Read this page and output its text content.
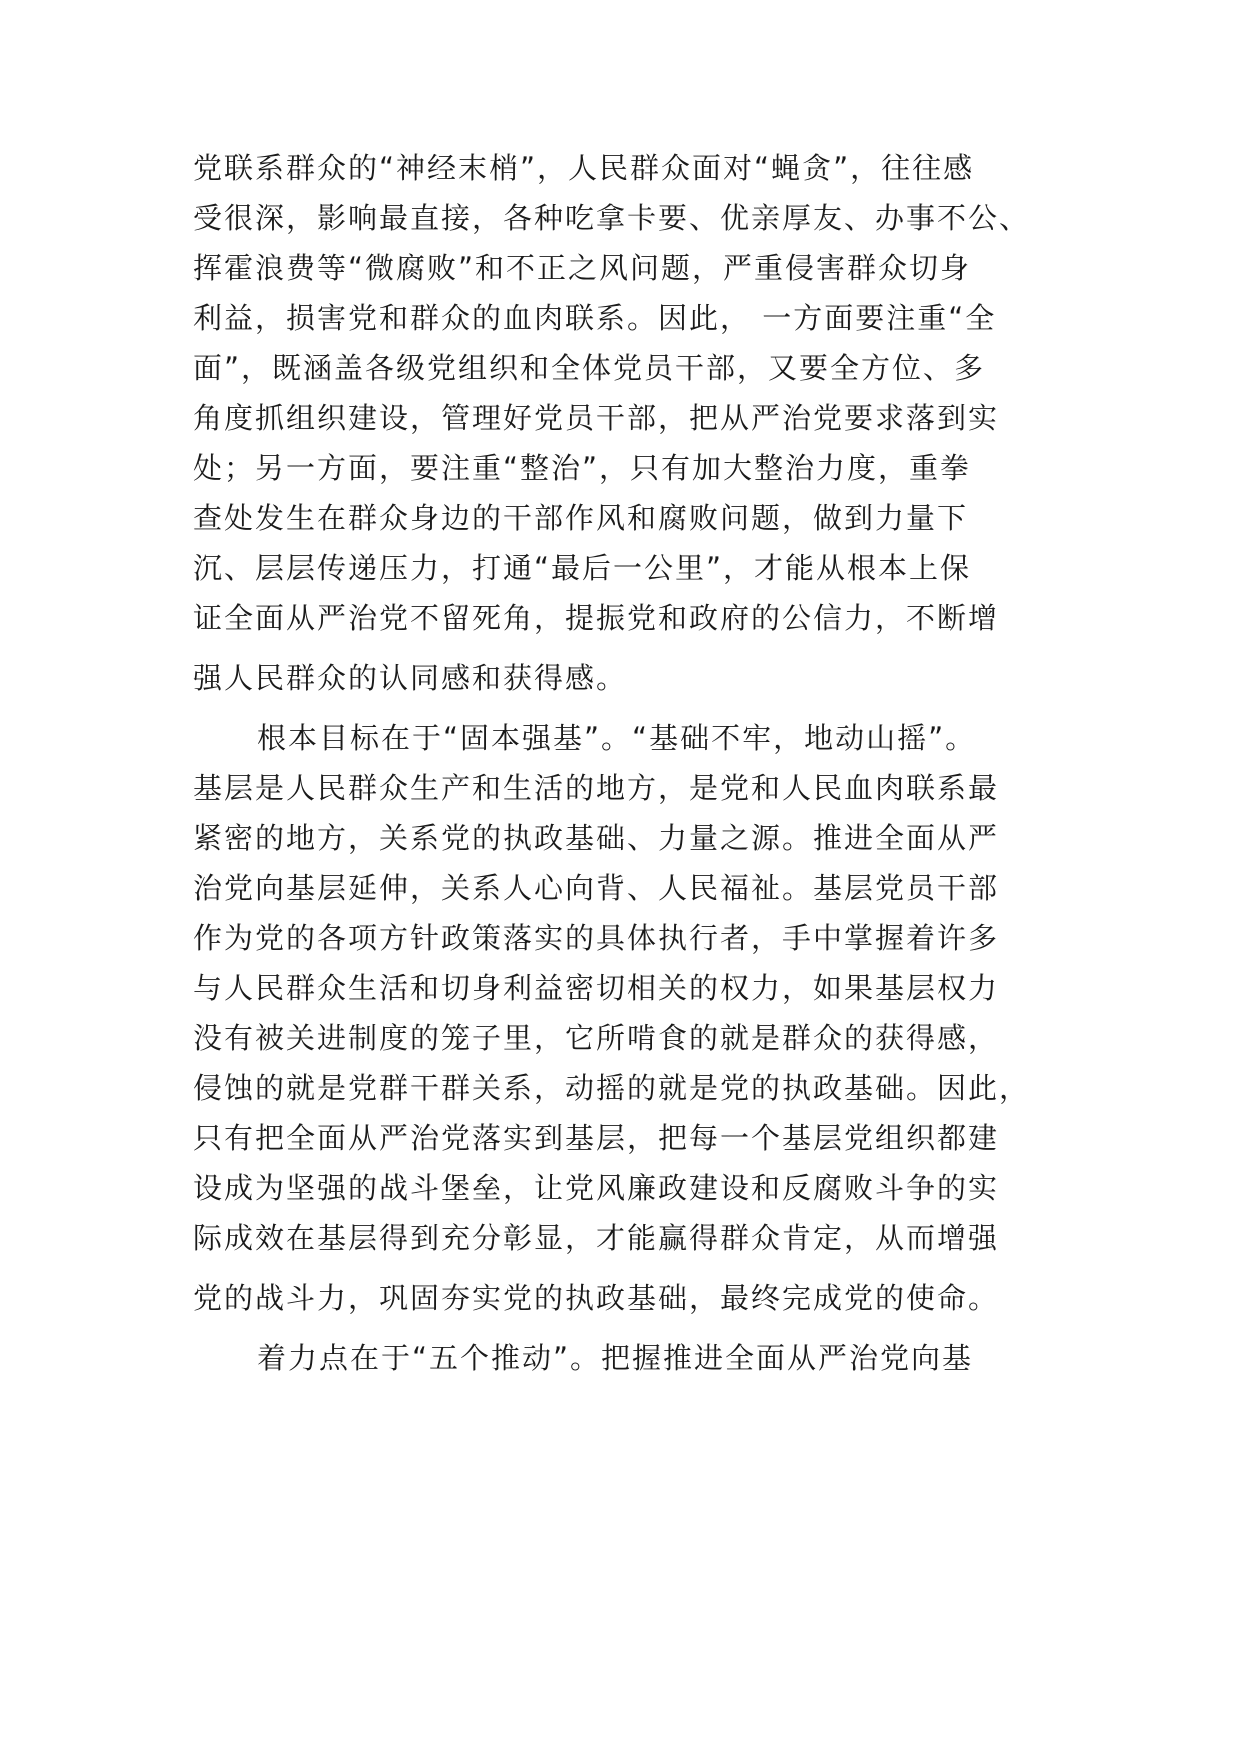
党联系群众的“神经末梢”，人民群众面对“蝇贪”，往往感
受很深，影响最直接，各种吃拿卡要、优亲厚友、办事不公、
挥霍浪费等“微腐败”和不正之风问题，严重侵害群众切身
利益，损害党和群众的血肉联系。因此， 一方面要注重“全
面”，既涵盖各级党组织和全体党员干部，又要全方位、多
角度抓组织建设，管理好党员干部，把从严治党要求落到实
处；另一方面，要注重“整治”，只有加大整治力度，重拳
查处发生在群众身边的干部作风和腐败问题，做到力量下
沉、层层传递压力，打通“最后一公里”，才能从根本上保
证全面从严治党不留死角，提振党和政府的公信力，不断增
强人民群众的认同感和获得感。
根本目标在于“固本强基”。“基础不牢，地动山摇”。
基层是人民群众生产和生活的地方，是党和人民血肉联系最
紧密的地方，关系党的执政基础、力量之源。推进全面从严
治党向基层延伸，关系人心向背、人民福祉。基层党员干部
作为党的各项方针政策落实的具体执行者，手中掌握着许多
与人民群众生活和切身利益密切相关的权力，如果基层权力
没有被关进制度的笼子里，它所啃食的就是群众的获得感，
侵蚀的就是党群干群关系，动摇的就是党的执政基础。因此，
只有把全面从严治党落实到基层，把每一个基层党组织都建
设成为坚强的战斗堡垒，让党风廉政建设和反腐败斗争的实
际成效在基层得到充分彰显，才能赢得群众肯定，从而增强
党的战斗力，巩固夯实党的执政基础，最终完成党的使命。
着力点在于“五个推动”。把握推进全面从严治党向基
